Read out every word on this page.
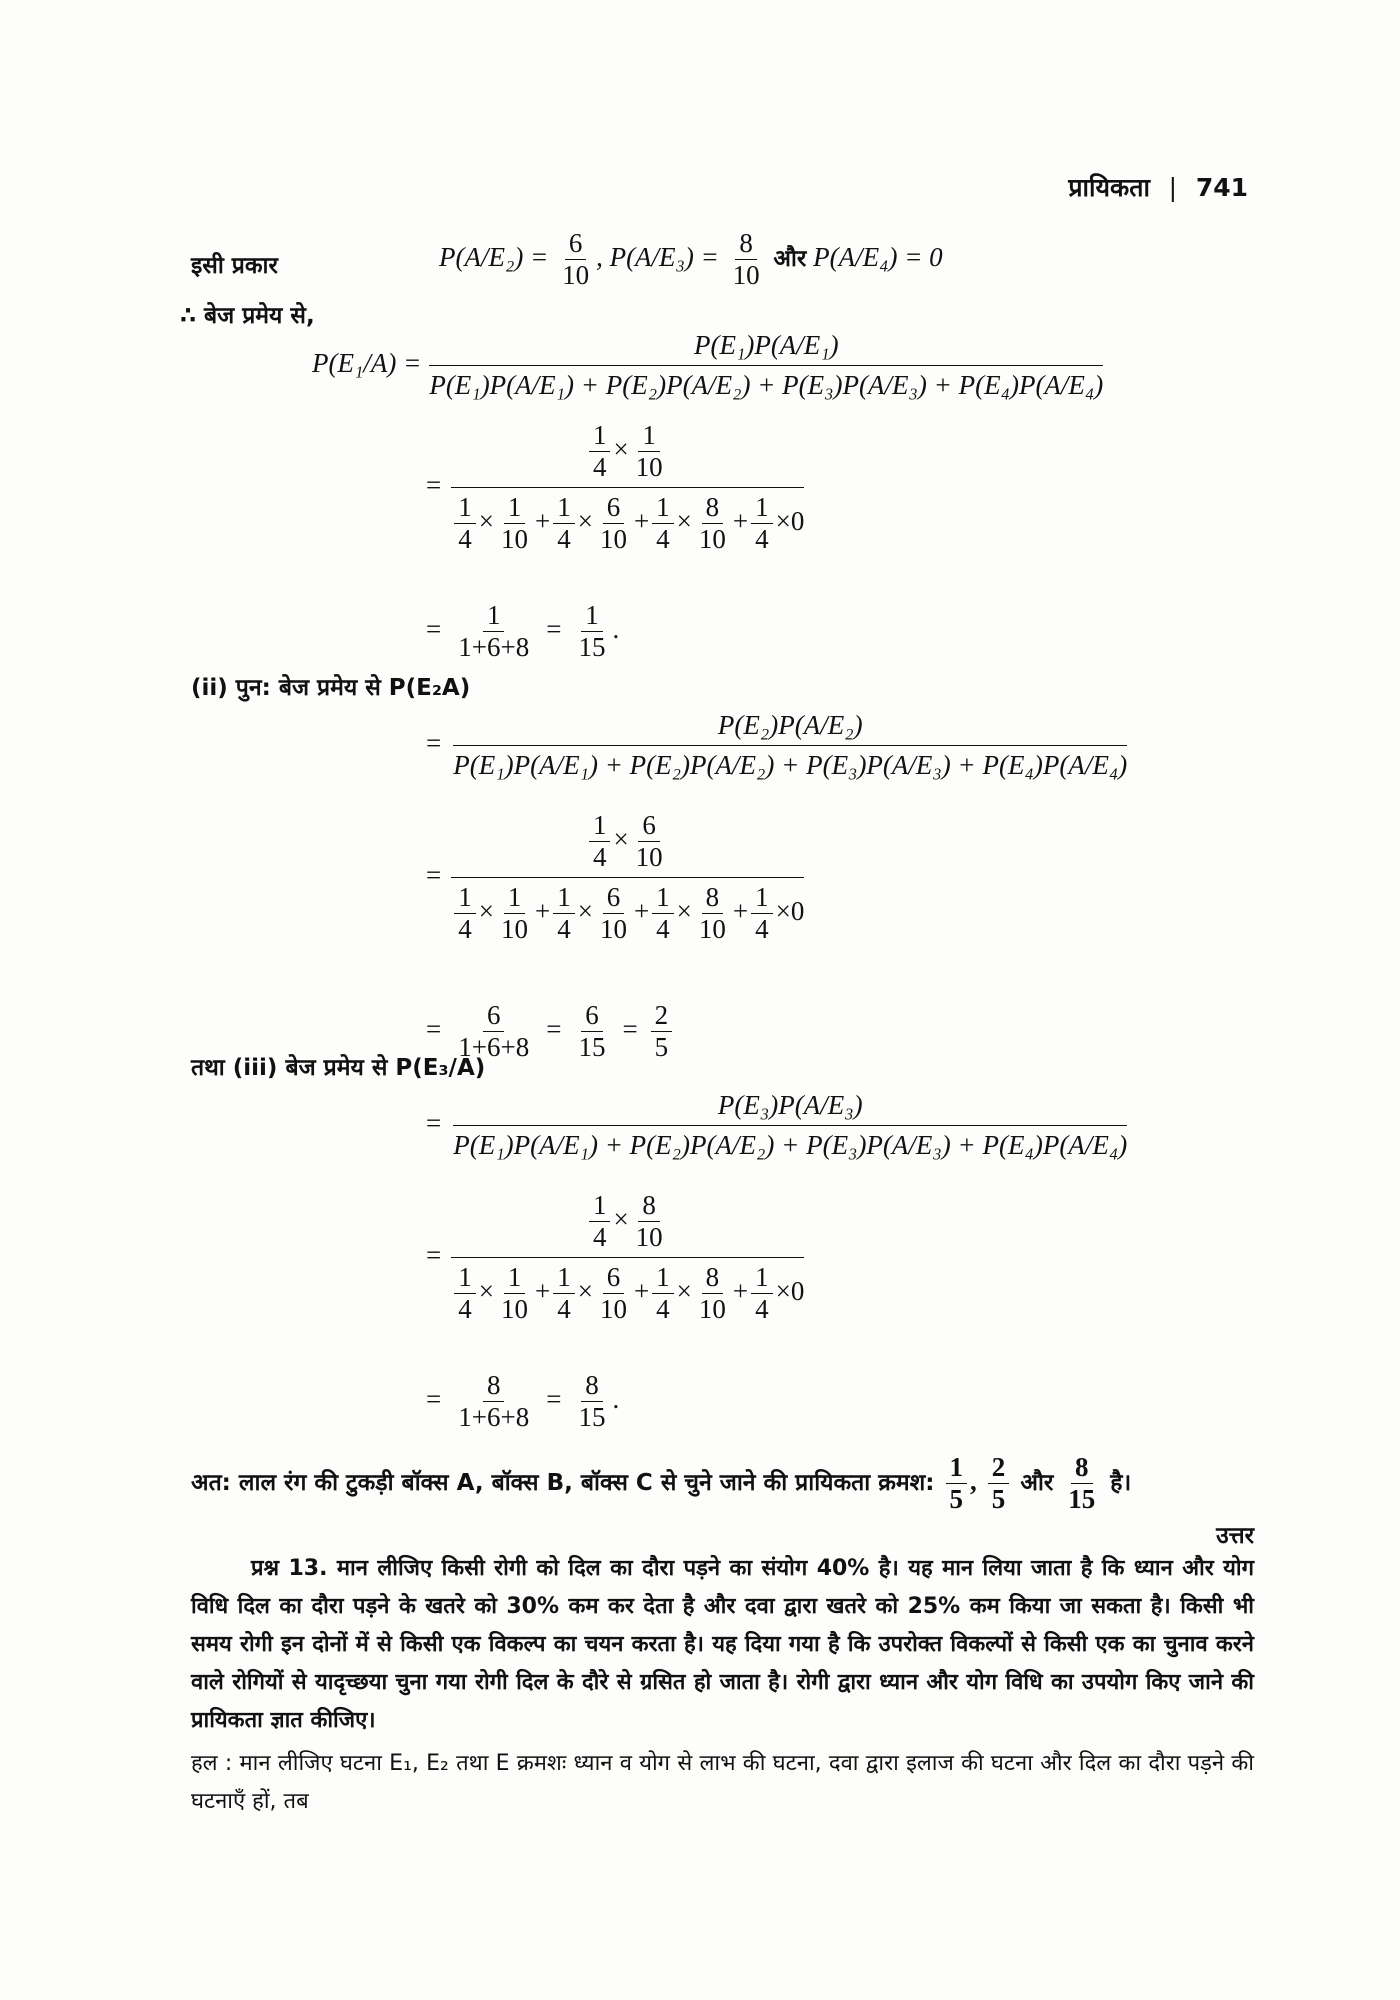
प्रायिकता | 741
इसी प्रकार	$P(A/E_2) = \frac{6}{10}$ , $P(A/E_3) = \frac{8}{10}$ और P(A/E₄) = 0
∴ बेज प्रमेय से,
$P(E_1/A) = \frac{\text{P(E₁)P(A/E₁)}}{\text{P(E₁)P(A/E₁) + P(E₂)P(A/E₂) + P(E₃)P(A/E₃) + P(E₄)P(A/E₄)}}$
= $\frac{\frac{1}{4} \times \frac{1}{10}}{\frac{1}{4} \times \frac{1}{10} + \frac{1}{4} \times \frac{6}{10} + \frac{1}{4} \times \frac{8}{10} + \frac{1}{4} \times 0}$
= $\frac{1}{1+6+8} = \frac{1}{15}$ .
(ii) पुन: बेज प्रमेय से P(E₂A)
= $\frac{\text{P(E₂)P(A/E₂)}}{\text{P(E₁)P(A/E₁) + P(E₂)P(A/E₂) + P(E₃)P(A/E₃) + P(E₄)P(A/E₄)}}$
= $\frac{\frac{1}{4} \times \frac{6}{10}}{\frac{1}{4} \times \frac{1}{10} + \frac{1}{4} \times \frac{6}{10} + \frac{1}{4} \times \frac{8}{10} + \frac{1}{4} \times 0}$
= $\frac{6}{1+6+8} = \frac{6}{15} = \frac{2}{5}$
तथा (iii) बेज प्रमेय से P(E₃/A)
= $\frac{\text{P(E₃)P(A/E₃)}}{\text{P(E₁)P(A/E₁) + P(E₂)P(A/E₂) + P(E₃)P(A/E₃) + P(E₄)P(A/E₄)}}$
= $\frac{\frac{1}{4} \times \frac{8}{10}}{\frac{1}{4} \times \frac{1}{10} + \frac{1}{4} \times \frac{6}{10} + \frac{1}{4} \times \frac{8}{10} + \frac{1}{4} \times 0}$
= $\frac{8}{1+6+8} = \frac{8}{15}$ .
अत: लाल रंग की टुकड़ी बॉक्स A, बॉक्स B, बॉक्स C से चुने जाने की प्रायिकता क्रमश: $\frac{1}{5}$ , $\frac{2}{5}$ और $\frac{8}{15}$ है।
उत्तर

प्रश्न 13. मान लीजिए किसी रोगी को दिल का दौरा पड़ने का संयोग 40% है। यह मान लिया जाता है कि ध्यान और योग विधि दिल का दौरा पड़ने के खतरे को 30% कम कर देता है और दवा द्वारा खतरे को 25% कम किया जा सकता है। किसी भी समय रोगी इन दोनों में से किसी एक विकल्प का चयन करता है। यह दिया गया है कि उपरोक्त विकल्पों से किसी एक का चुनाव करने वाले रोगियों से यादृच्छया चुना गया रोगी दिल के दौरे से ग्रसित हो जाता है। रोगी द्वारा ध्यान और योग विधि का उपयोग किए जाने की प्रायिकता ज्ञात कीजिए।

हल : मान लीजिए घटना E₁, E₂ तथा E क्रमशः ध्यान व योग से लाभ की घटना, दवा द्वारा इलाज की घटना और दिल का दौरा पड़ने की घटनाएँ हों, तब
